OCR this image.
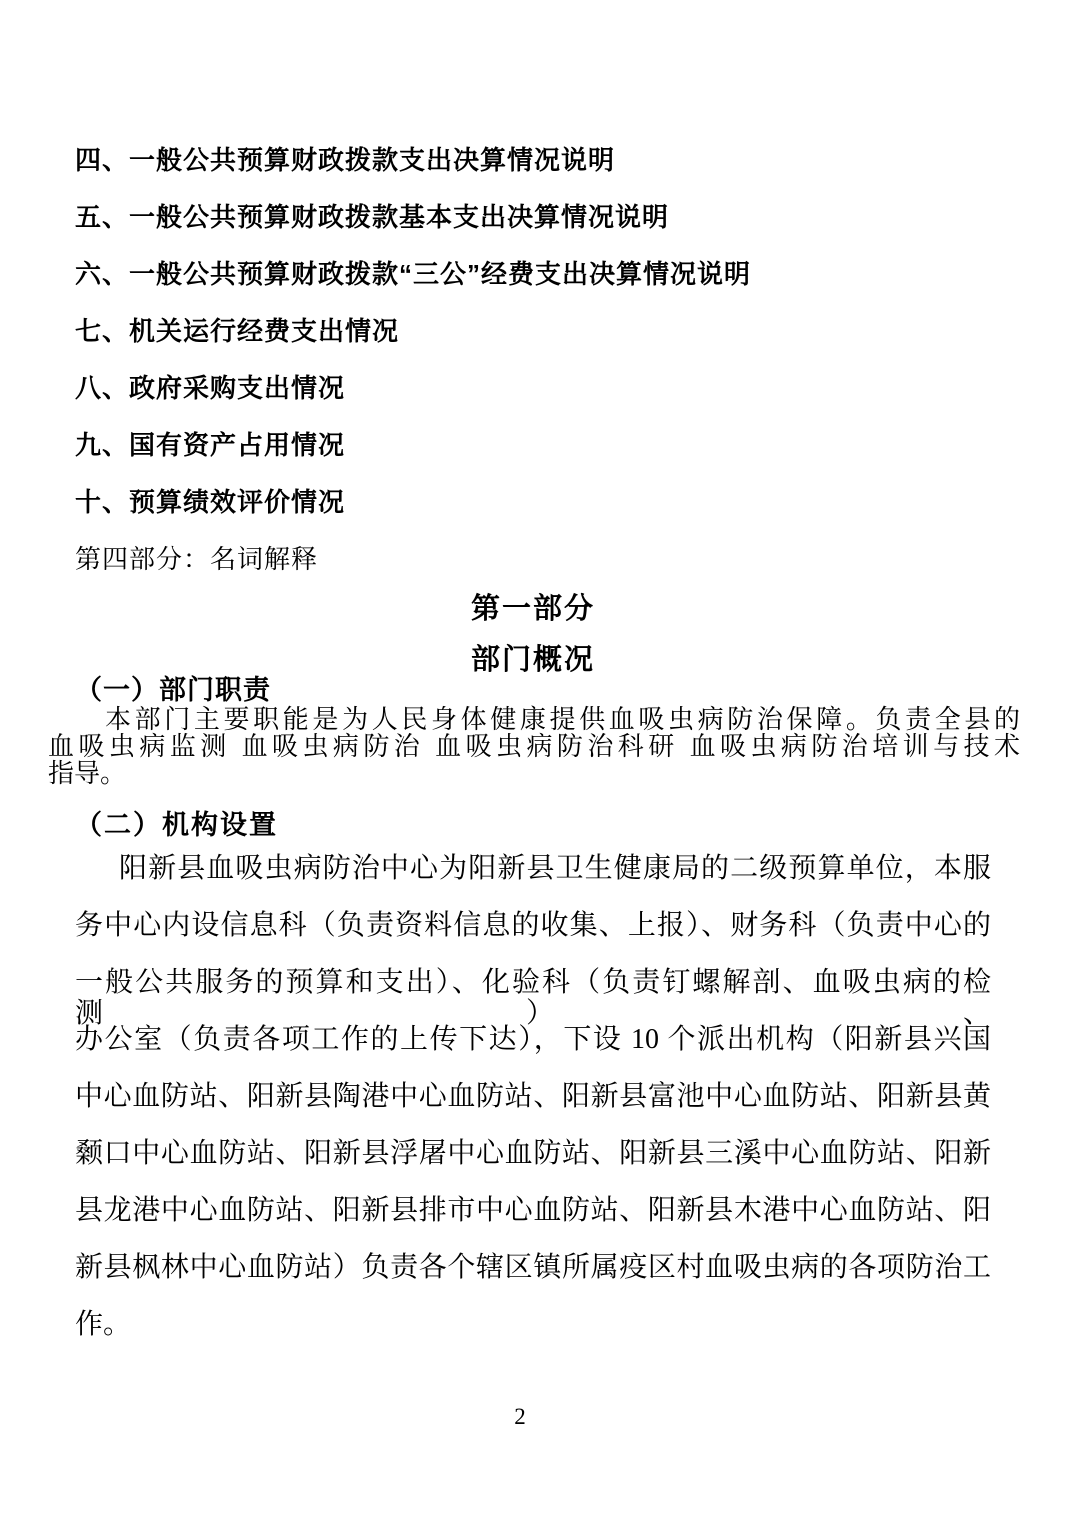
四、一般公共预算财政拨款支出决算情况说明
五、一般公共预算财政拨款基本支出决算情况说明
六、一般公共预算财政拨款“三公”经费支出决算情况说明
七、机关运行经费支出情况
八、政府采购支出情况
九、国有资产占用情况
十、预算绩效评价情况
第四部分：名词解释
第一部分
部门概况
（一）部门职责
本部门主要职能是为人民身体健康提供血吸虫病防治保障。负责全县的
血吸虫病监测 血吸虫病防治 血吸虫病防治科研 血吸虫病防治培训与技术
指导。
（二）机构设置
阳新县血吸虫病防治中心为阳新县卫生健康局的二级预算单位，本服
务中心内设信息科（负责资料信息的收集、上报）、财务科（负责中心的
一般公共服务的预算和支出）、化验科（负责钉螺解剖、血吸虫病的检测）、
办公室（负责各项工作的上传下达），下设 10 个派出机构（阳新县兴国
中心血防站、阳新县陶港中心血防站、阳新县富池中心血防站、阳新县黄
颡口中心血防站、阳新县浮屠中心血防站、阳新县三溪中心血防站、阳新
县龙港中心血防站、阳新县排市中心血防站、阳新县木港中心血防站、阳
新县枫林中心血防站）负责各个辖区镇所属疫区村血吸虫病的各项防治工
作。
2
